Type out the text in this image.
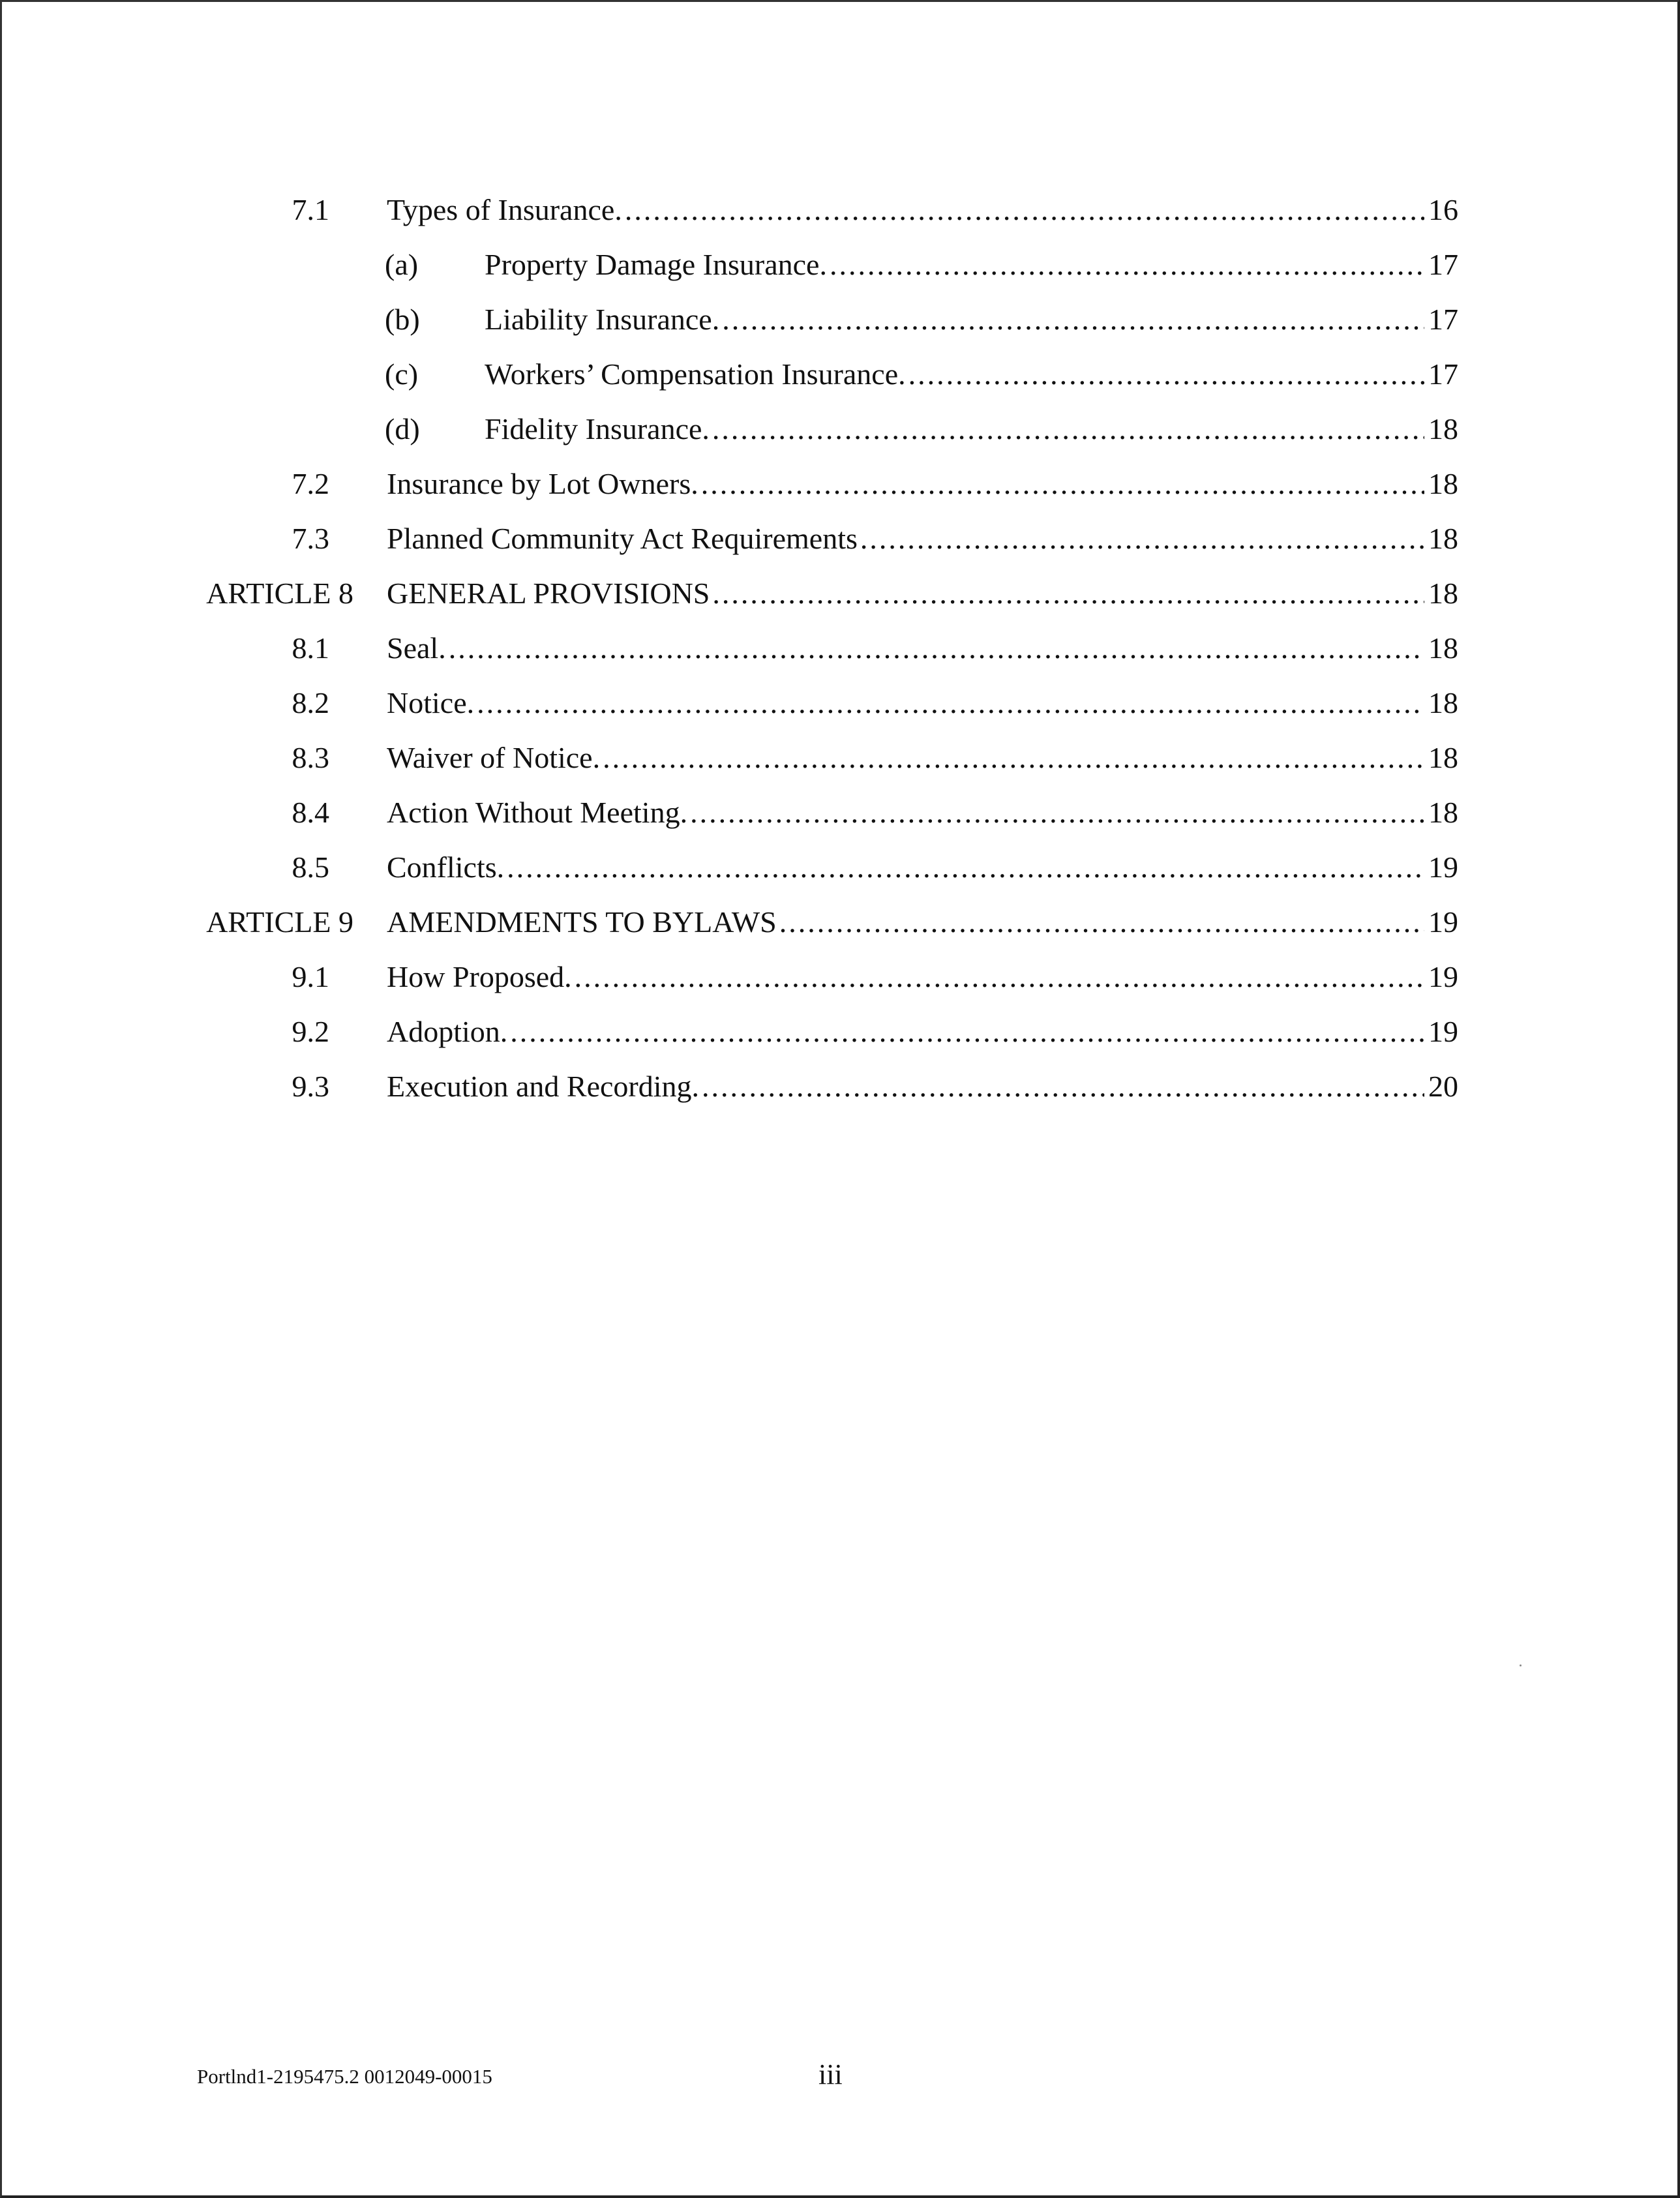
7.1 Types of Insurance. .....	16
(a) Property Damage Insurance. .....	17
(b) Liability Insurance. .....	17
(c) Workers’ Compensation Insurance. .....	17
(d) Fidelity Insurance. .....	18
7.2 Insurance by Lot Owners. .....	18
7.3 Planned Community Act Requirements .....	18
ARTICLE 8 GENERAL PROVISIONS .....	18
8.1 Seal. .....	18
8.2 Notice. .....	18
8.3 Waiver of Notice. .....	18
8.4 Action Without Meeting. .....	18
8.5 Conflicts. .....	19
ARTICLE 9 AMENDMENTS TO BYLAWS .....	19
9.1 How Proposed. .....	19
9.2 Adoption. .....	19
9.3 Execution and Recording. .....	20
Portlnd1-2195475.2 0012049-00015	iii
